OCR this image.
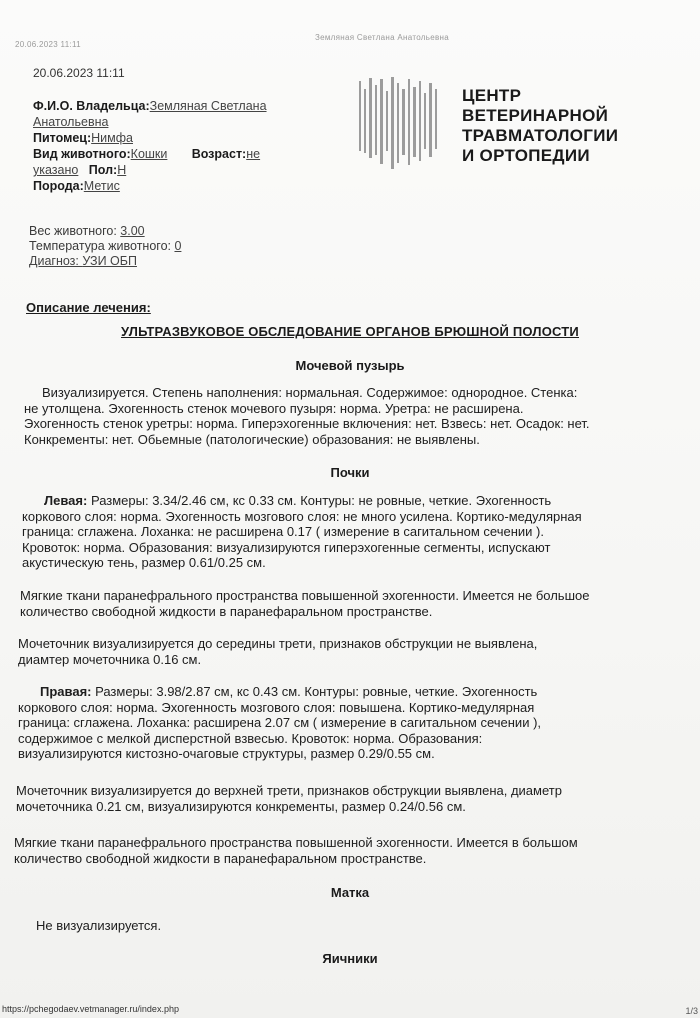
20.06.2023 11:11
Земляная Светлана Анатольевна
20.06.2023 11:11
Ф.И.О. Владельца:Земляная Светлана Анатольевна
Питомец:Нимфа
Вид животного:Кошки Возраст:не указано Пол:Н
Порода:Метис
ЦЕНТР
ВЕТЕРИНАРНОЙ
ТРАВМАТОЛОГИИ
И ОРТОПЕДИИ
Вес животного: 3.00
Температура животного: 0
Диагноз: УЗИ ОБП
Описание лечения:
УЛЬТРАЗВУКОВОЕ ОБСЛЕДОВАНИЕ ОРГАНОВ БРЮШНОЙ ПОЛОСТИ
Мочевой пузырь
Визуализируется. Степень наполнения: нормальная. Содержимое: однородное. Стенка:
не утолщена. Эхогенность стенок мочевого пузыря: норма. Уретра: не расширена.
Эхогенность стенок уретры: норма. Гиперэхогенные включения: нет. Взвесь: нет. Осадок: нет.
Конкременты: нет. Обьемные (патологические) образования: не выявлены.
Почки
Левая: Размеры: 3.34/2.46 см, кс 0.33 см. Контуры: не ровные, четкие. Эхогенность
коркового слоя: норма. Эхогенность мозгового слоя: не много усилена. Кортико-медулярная
граница: сглажена. Лоханка: не расширена 0.17 ( измерение в сагитальном сечении ).
Кровоток: норма. Образования: визуализируются гиперэхогенные сегменты, испускают
акустическую тень, размер 0.61/0.25 см.
Мягкие ткани паранефрального пространства повышенной эхогенности. Имеется не большое
количество свободной жидкости в паранефаральном пространстве.
Мочеточник визуализируется до середины трети, признаков обструкции не выявлена,
диамтер мочеточника 0.16 см.
Правая: Размеры: 3.98/2.87 см, кс 0.43 см. Контуры: ровные, четкие. Эхогенность
коркового слоя: норма. Эхогенность мозгового слоя: повышена. Кортико-медулярная
граница: сглажена. Лоханка: расширена 2.07 см ( измерение в сагитальном сечении ),
содержимое с мелкой дисперстной взвесью. Кровоток: норма. Образования:
визуализируются кистозно-очаговые структуры, размер 0.29/0.55 см.
Мочеточник визуализируется до верхней трети, признаков обструкции выявлена, диаметр
мочеточника 0.21 см, визуализируются конкременты, размер 0.24/0.56 см.
Мягкие ткани паранефрального пространства повышенной эхогенности. Имеется в большом
количество свободной жидкости в паранефаральном пространстве.
Матка
Не визуализируется.
Яичники
https://pchegodaev.vetmanager.ru/index.php	1/3
